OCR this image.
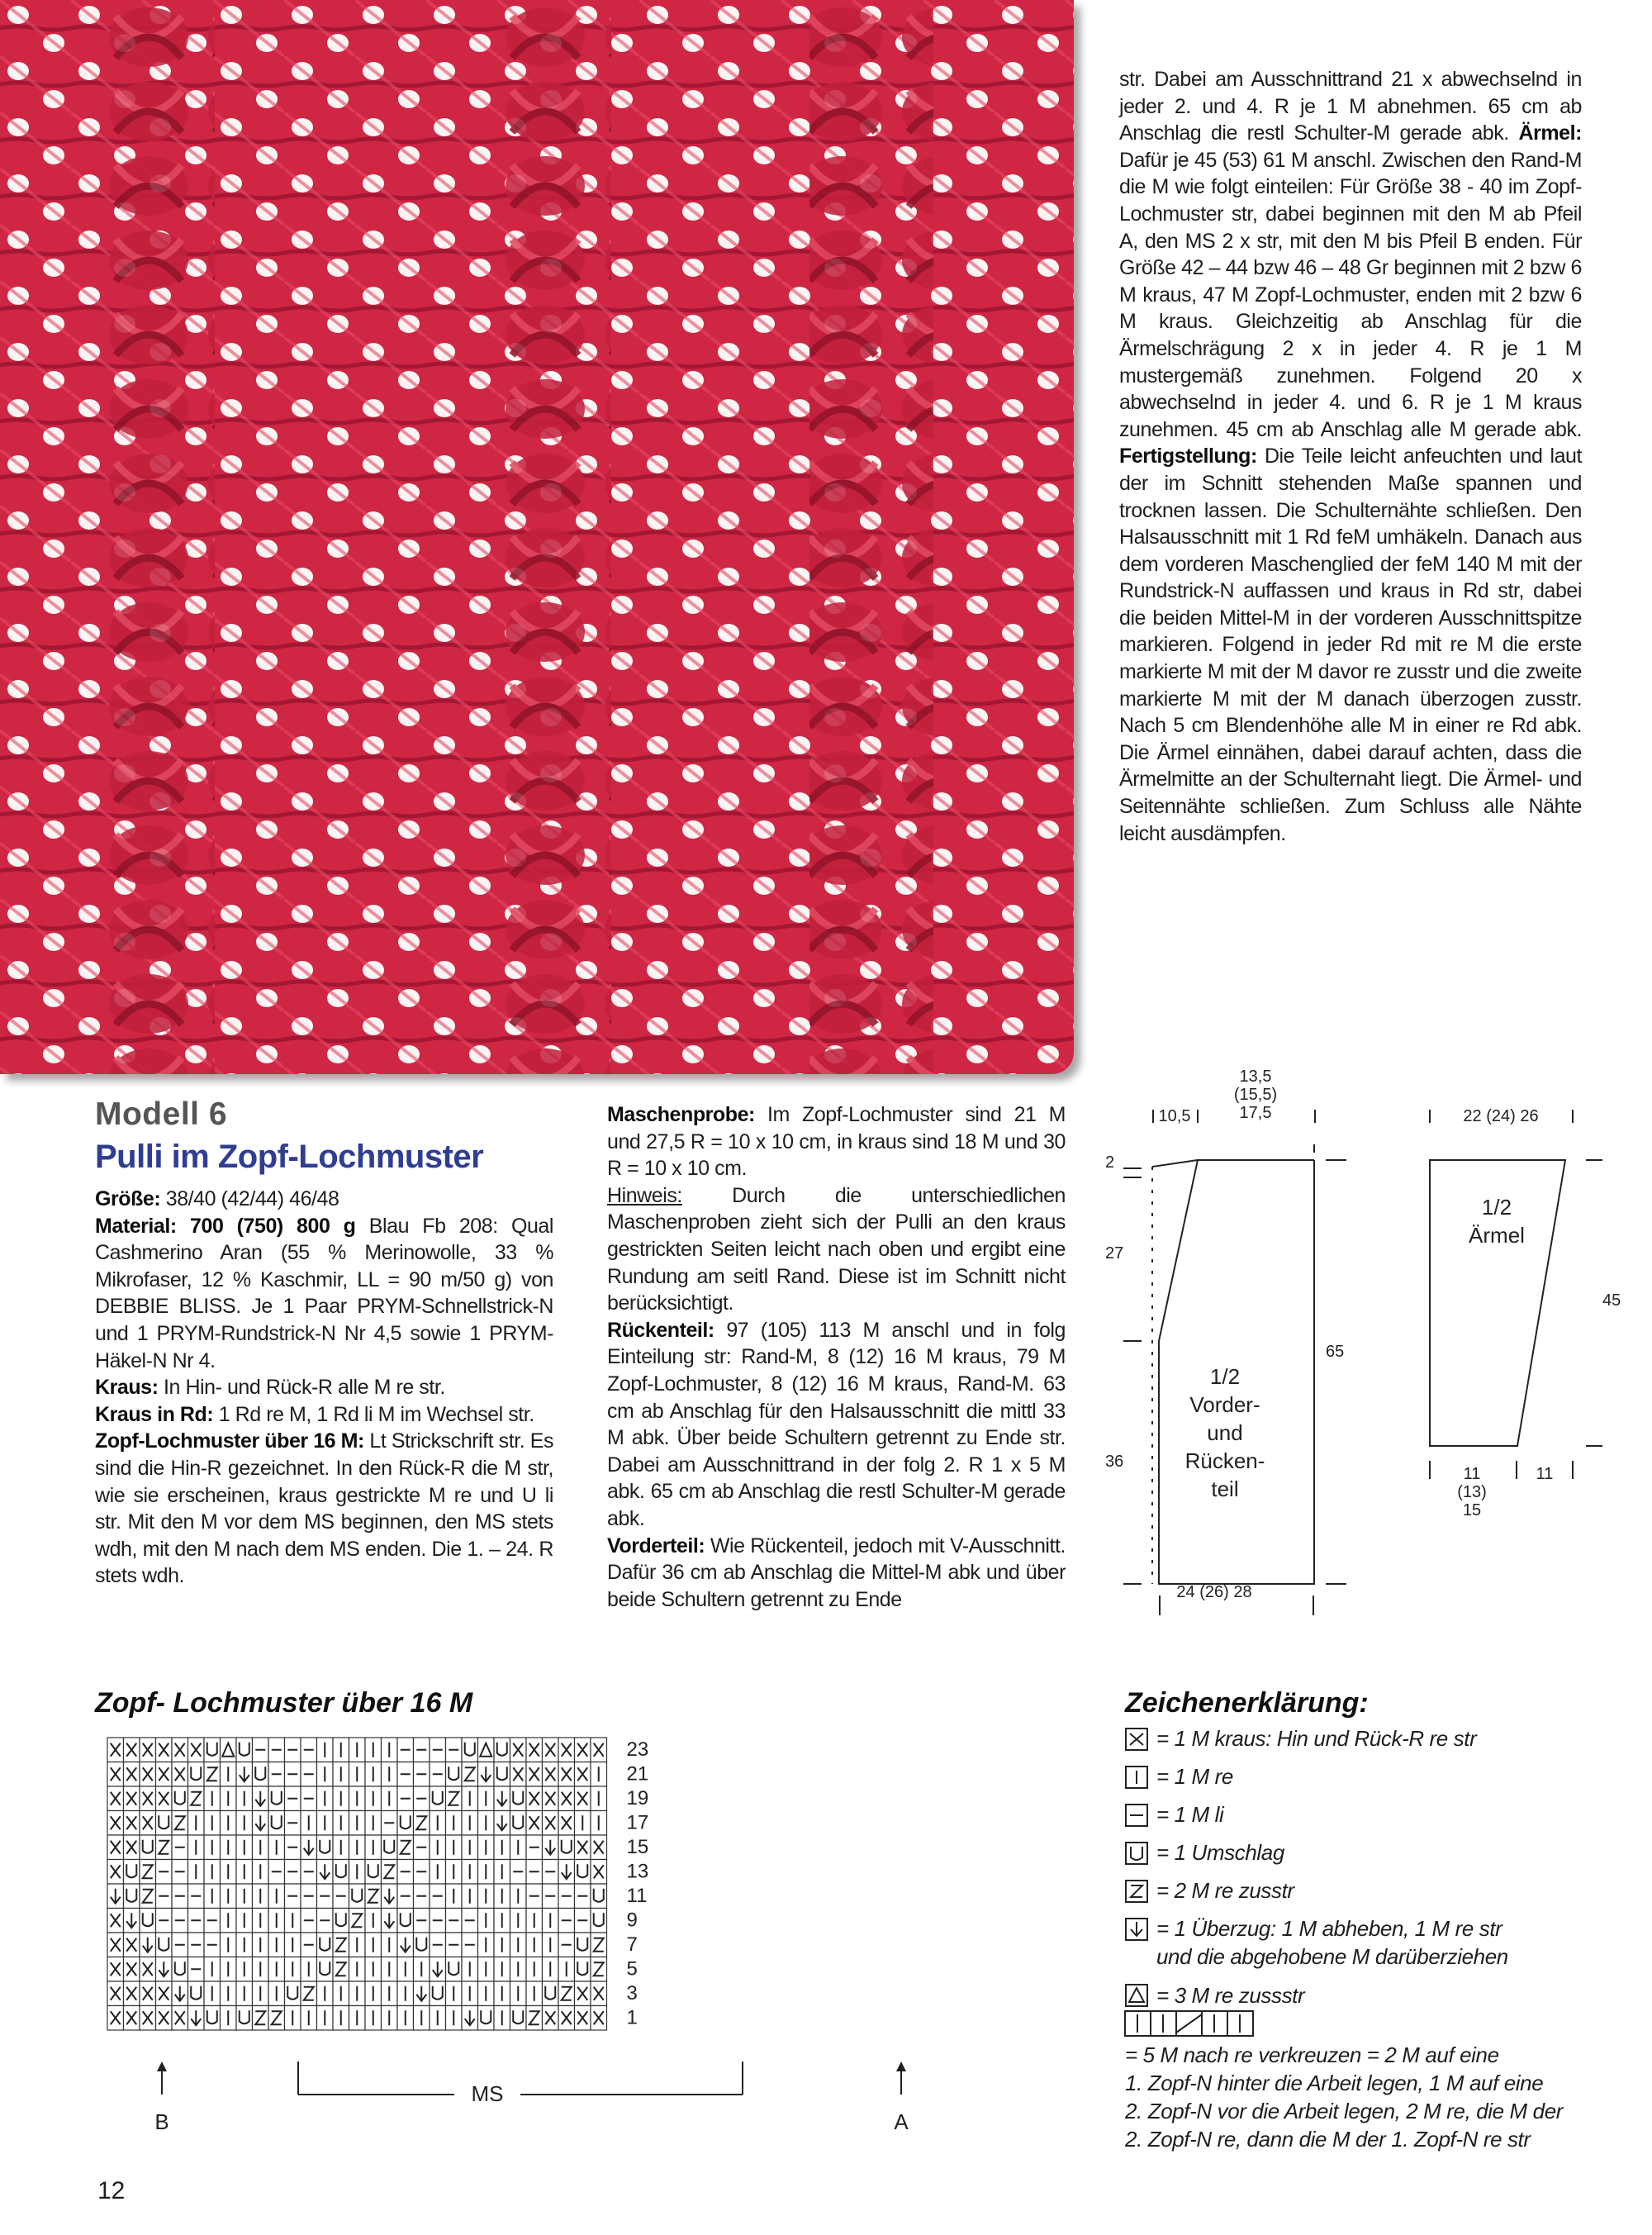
str. Dabei am Ausschnittrand 21 x abwechselnd in jeder 2. und 4. R je 1 M abnehmen. 65 cm ab Anschlag die restl Schulter-M gerade abk. Ärmel: Dafür je 45 (53) 61 M anschl. Zwischen den Rand-M die M wie folgt einteilen: Für Größe 38 - 40 im Zopf-Lochmuster str, dabei beginnen mit den M ab Pfeil A, den MS 2 x str, mit den M bis Pfeil B enden. Für Größe 42 – 44 bzw 46 – 48 Gr beginnen mit 2 bzw 6 M kraus, 47 M Zopf-Lochmuster, enden mit 2 bzw 6 M kraus. Gleichzeitig ab Anschlag für die Ärmelschrägung 2 x in jeder 4. R je 1 M mustergemäß zunehmen. Folgend 20 x abwechselnd in jeder 4. und 6. R je 1 M kraus zunehmen. 45 cm ab Anschlag alle M gerade abk. Fertigstellung: Die Teile leicht anfeuchten und laut der im Schnitt stehenden Maße spannen und trocknen lassen. Die Schulternähte schließen. Den Halsausschnitt mit 1 Rd feM umhäkeln. Danach aus dem vorderen Maschenglied der feM 140 M mit der Rundstrick-N auffassen und kraus in Rd str, dabei die beiden Mittel-M in der vorderen Ausschnittspitze markieren. Folgend in jeder Rd mit re M die erste markierte M mit der M davor re zusstr und die zweite markierte M mit der M danach überzogen zusstr. Nach 5 cm Blendenhöhe alle M in einer re Rd abk. Die Ärmel einnähen, dabei darauf achten, dass die Ärmelmitte an der Schulternaht liegt. Die Ärmel- und Seitennähte schließen. Zum Schluss alle Nähte leicht ausdämpfen.

Modell 6
Pulli im Zopf-Lochmuster

Größe: 38/40 (42/44) 46/48

Material: 700 (750) 800 g Blau Fb 208: Qual Cashmerino Aran (55 % Merinowolle, 33 % Mikrofaser, 12 % Kaschmir, LL = 90 m/50 g) von DEBBIE BLISS. Je 1 Paar PRYM-Schnellstrick-N und 1 PRYM-Rundstrick-N Nr 4,5 sowie 1 PRYM-Häkel-N Nr 4.

Kraus: In Hin- und Rück-R alle M re str.

Kraus in Rd: 1 Rd re M, 1 Rd li M im Wechsel str.

Zopf-Lochmuster über 16 M: Lt Strickschrift str. Es sind die Hin-R gezeichnet. In den Rück-R die M str, wie sie erscheinen, kraus gestrickte M re und U li str. Mit den M vor dem MS beginnen, den MS stets wdh, mit den M nach dem MS enden. Die 1. – 24. R stets wdh.

Maschenprobe: Im Zopf-Lochmuster sind 21 M und 27,5 R = 10 x 10 cm, in kraus sind 18 M und 30 R = 10 x 10 cm.

Hinweis: Durch die unterschiedlichen Maschenproben zieht sich der Pulli an den kraus gestrickten Seiten leicht nach oben und ergibt eine Rundung am seitl Rand. Diese ist im Schnitt nicht berücksichtigt.

Rückenteil: 97 (105) 113 M anschl und in folg Einteilung str: Rand-M, 8 (12) 16 M kraus, 79 M Zopf-Lochmuster, 8 (12) 16 M kraus, Rand-M. 63 cm ab Anschlag für den Halsausschnitt die mittl 33 M abk. Über beide Schultern getrennt zu Ende str. Dabei am Ausschnittrand in der folg 2. R 1 x 5 M abk. 65 cm ab Anschlag die restl Schulter-M gerade abk.

Vorderteil: Wie Rückenteil, jedoch mit V-Ausschnitt. Dafür 36 cm ab Anschlag die Mittel-M abk und über beide Schultern getrennt zu Ende

13,5
(15,5)
17,5
10,5
2
27
36
65
24 (26) 28
1/2
Vorder-
und
Rücken-
teil
1/2
Ärmel
22 (24) 26
45
11
(13)
15
11
Zopf- Lochmuster über 16 M
23
21
19
17
15
13
11
9
7
5
3
1
MS
B	A
Zeichenerklärung:
= 1 M kraus: Hin und Rück-R re str
= 1 M re
= 1 M li
= 1 Umschlag
= 2 M re zusstr
= 1 Überzug: 1 M abheben, 1 M re str
und die abgehobene M darüberziehen
= 3 M re zussstr
= 5 M nach re verkreuzen = 2 M auf eine
1. Zopf-N hinter die Arbeit legen, 1 M auf eine
2. Zopf-N vor die Arbeit legen, 2 M re, die M der
2. Zopf-N re, dann die M der 1. Zopf-N re str
12
